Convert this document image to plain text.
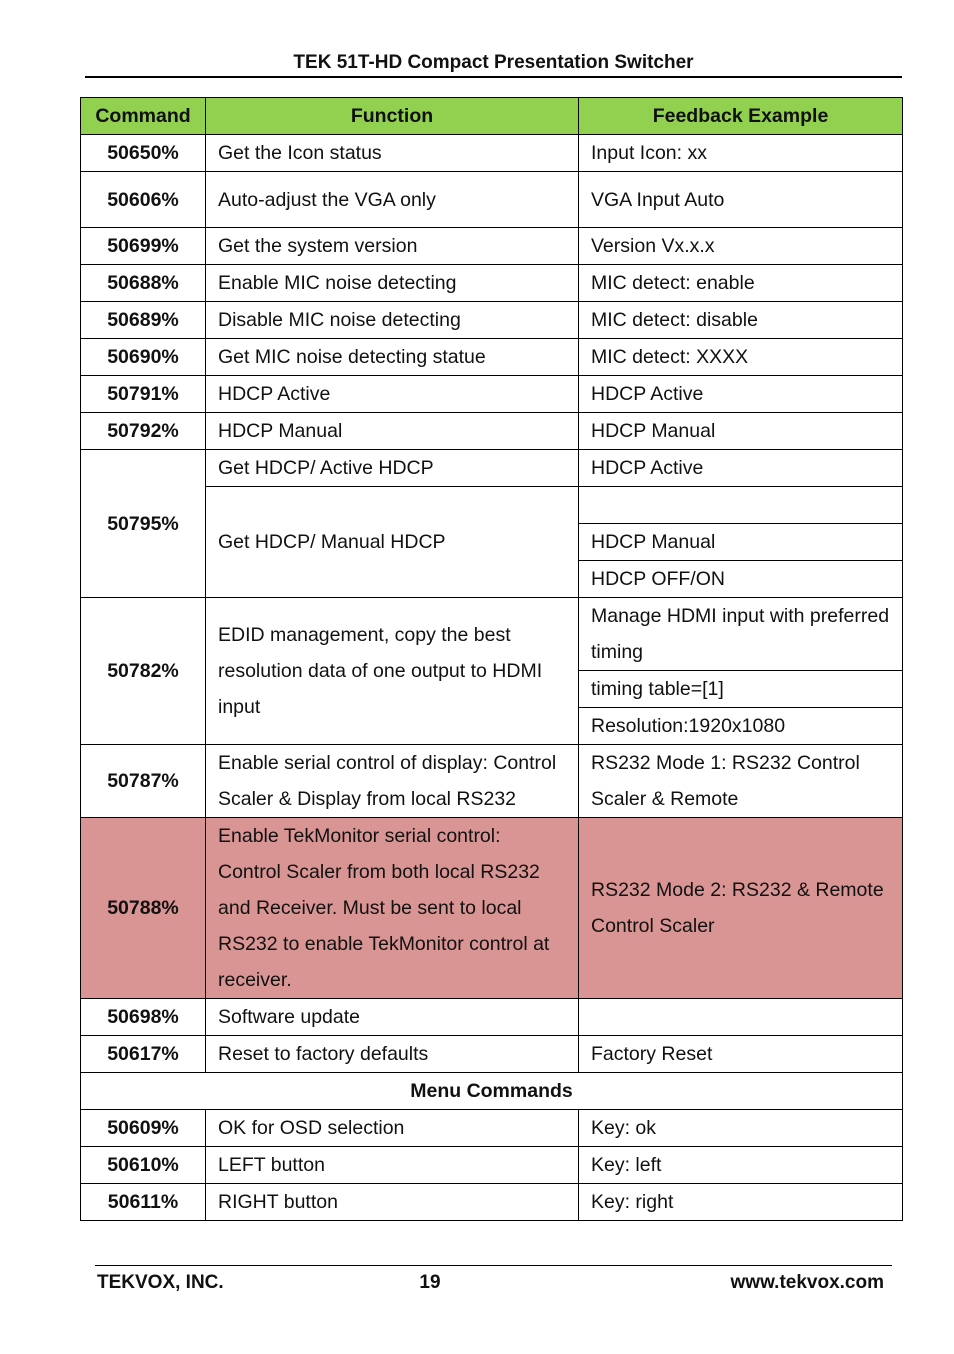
TEK 51T-HD Compact Presentation Switcher
Command	Function	Feedback Example
50650%	Get the Icon status	Input Icon: xx
50606%	Auto-adjust the VGA only	VGA Input Auto
50699%	Get the system version	Version Vx.x.x
50688%	Enable MIC noise detecting	MIC detect: enable
50689%	Disable MIC noise detecting	MIC detect: disable
50690%	Get MIC noise detecting statue	MIC detect: XXXX
50791%	HDCP Active	HDCP Active
50792%	HDCP Manual	HDCP Manual
50795%	Get HDCP/ Active HDCP	HDCP Active
	Get HDCP/ Manual HDCP	
		HDCP Manual
		HDCP OFF/ON
50782%	EDID management, copy the best resolution data of one output to HDMI input	Manage HDMI input with preferred timing
		timing table=[1]
		Resolution:1920x1080
50787%	Enable serial control of display: Control Scaler & Display from local RS232	RS232 Mode 1: RS232 Control Scaler & Remote
50788%	Enable TekMonitor serial control: Control Scaler from both local RS232 and Receiver. Must be sent to local RS232 to enable TekMonitor control at receiver.	RS232 Mode 2: RS232 & Remote Control Scaler
50698%	Software update	
50617%	Reset to factory defaults	Factory Reset
Menu Commands		
50609%	OK for OSD selection	Key: ok
50610%	LEFT button	Key: left
50611%	RIGHT button	Key: right
TEKVOX, INC.	19	www.tekvox.com
